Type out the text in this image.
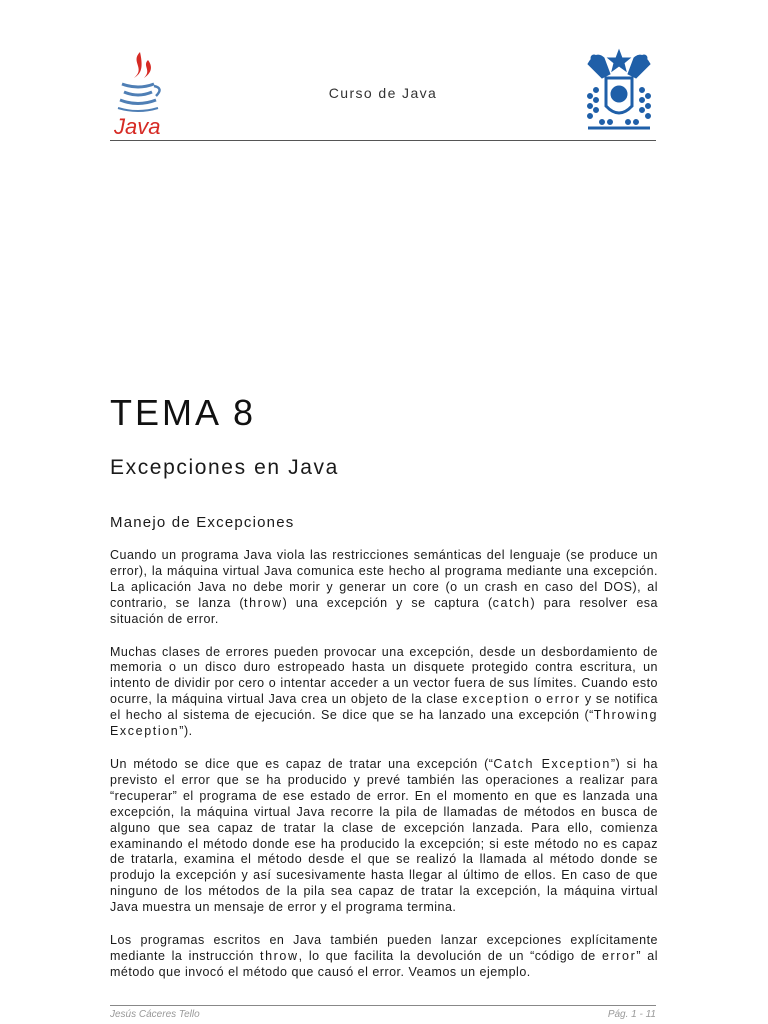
Java
Curso de Java
TEMA 8
Excepciones en Java
Manejo de Excepciones

Cuando un programa Java viola las restricciones semánticas del lenguaje (se produce un error), la máquina virtual Java comunica este hecho al programa mediante una excepción. La aplicación Java no debe morir y generar un core (o un crash en caso del DOS), al contrario, se lanza (throw) una excepción y se captura (catch) para resolver esa situación de error.

Muchas clases de errores pueden provocar una excepción, desde un desbordamiento de memoria o un disco duro estropeado hasta un disquete protegido contra escritura, un intento de dividir por cero o intentar acceder a un vector fuera de sus límites. Cuando esto ocurre, la máquina virtual Java crea un objeto de la clase exception o error y se notifica el hecho al sistema de ejecución. Se dice que se ha lanzado una excepción (“Throwing Exception”).

Un método se dice que es capaz de tratar una excepción (“Catch Exception”) si ha previsto el error que se ha producido y prevé también las operaciones a realizar para “recuperar” el programa de ese estado de error. En el momento en que es lanzada una excepción, la máquina virtual Java recorre la pila de llamadas de métodos en busca de alguno que sea capaz de tratar la clase de excepción lanzada. Para ello, comienza examinando el método donde ese ha producido la excepción; si este método no es capaz de tratarla, examina el método desde el que se realizó la llamada al método donde se produjo la excepción y así sucesivamente hasta llegar al último de ellos. En caso de que ninguno de los métodos de la pila sea capaz de tratar la excepción, la máquina virtual Java muestra un mensaje de error y el programa termina.

Los programas escritos en Java también pueden lanzar excepciones explícitamente mediante la instrucción throw, lo que facilita la devolución de un “código de error” al método que invocó el método que causó el error. Veamos un ejemplo.

Jesús Cáceres Tello	Pág. 1 - 11
